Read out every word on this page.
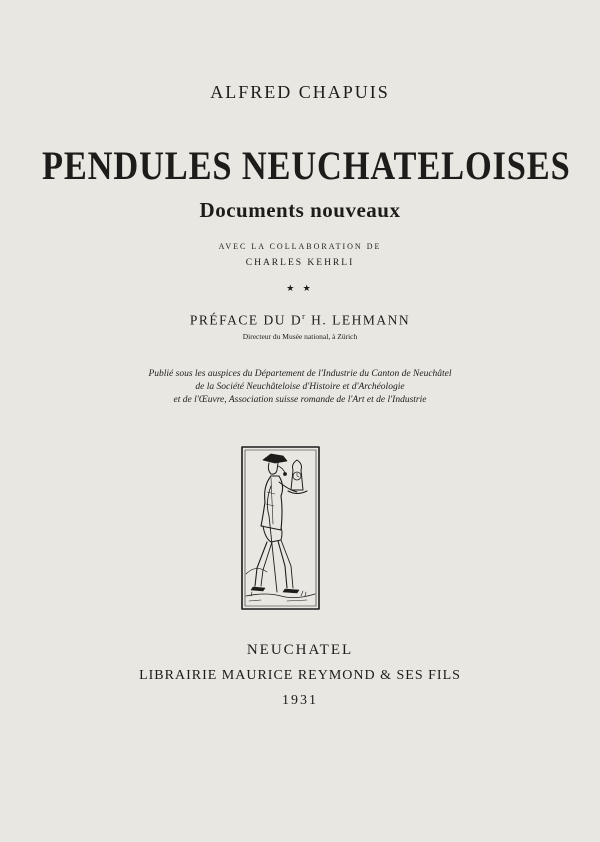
ALFRED CHAPUIS
PENDULES NEUCHATELOISES
Documents nouveaux
AVEC LA COLLABORATION DE
CHARLES KEHRLI
★ ★
PRÉFACE DU $D^r$ H. LEHMANN
Directeur du Musée national, à Zürich
Publié sous les auspices du Département de l'Industrie du Canton de Neuchâtel
de la Société Neuchâteloise d'Histoire et d'Archéologie
et de l'Œuvre, Association suisse romande de l'Art et de l'Industrie
NEUCHATEL
LIBRAIRIE MAURICE REYMOND & SES FILS
1931
